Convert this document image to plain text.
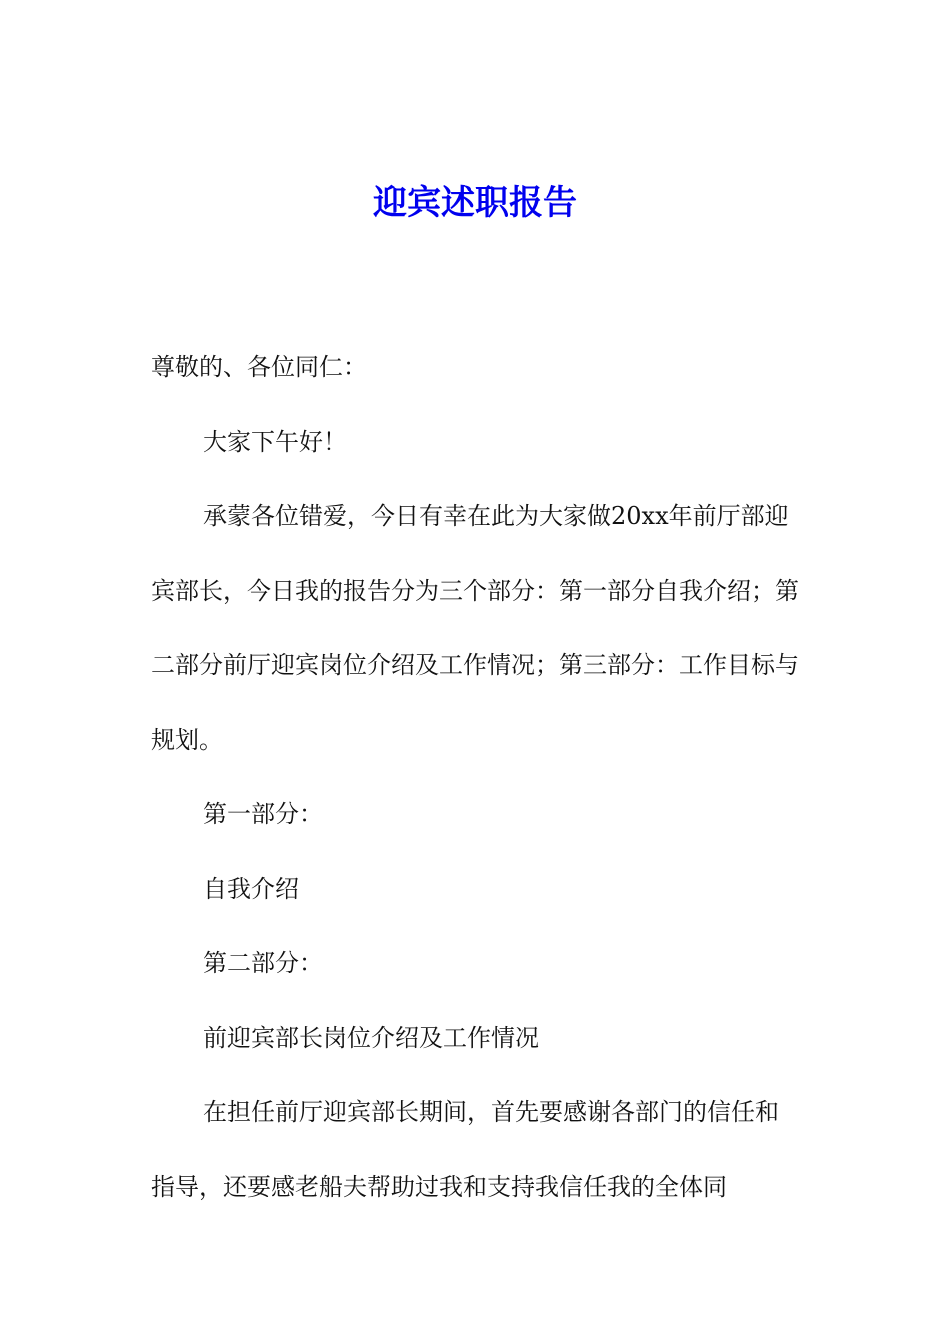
迎宾述职报告

尊敬的、各位同仁：

大家下午好！

承蒙各位错爱，今日有幸在此为大家做20xx年前厅部迎宾部长，今日我的报告分为三个部分：第一部分自我介绍；第二部分前厅迎宾岗位介绍及工作情况；第三部分：工作目标与规划。

第一部分：

自我介绍

第二部分：

前迎宾部长岗位介绍及工作情况

在担任前厅迎宾部长期间，首先要感谢各部门的信任和指导，还要感老船夫帮助过我和支持我信任我的全体同
